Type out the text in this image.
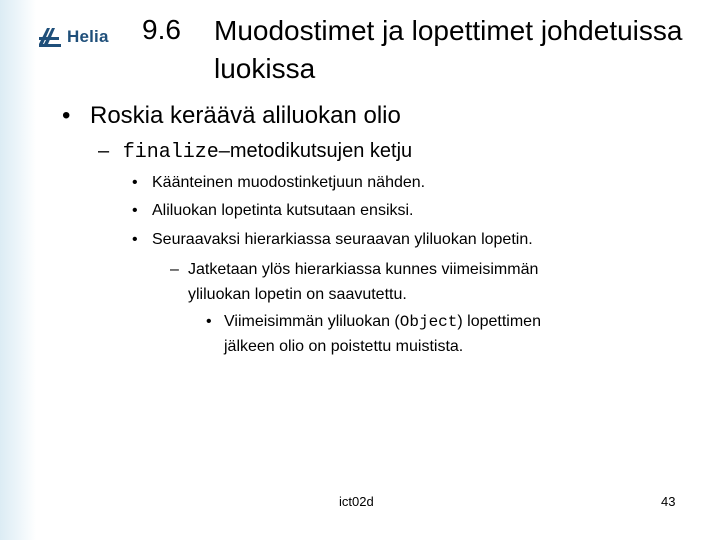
Helia 9.6 Muodostimet ja lopettimet johdetuissa luokissa
• Roskia keräävä aliluokan olio
– finalize–metodikutsujen ketju
• Käänteinen muodostinketjuun nähden.
• Aliluokan lopetinta kutsutaan ensiksi.
• Seuraavaksi hierarkiassa seuraavan yliluokan lopetin.
– Jatketaan ylös hierarkiassa kunnes viimeisimmän
yliluokan lopetin on saavutettu.
• Viimeisimmän yliluokan (Object) lopettimen
jälkeen olio on poistettu muistista.
ict02d	43
